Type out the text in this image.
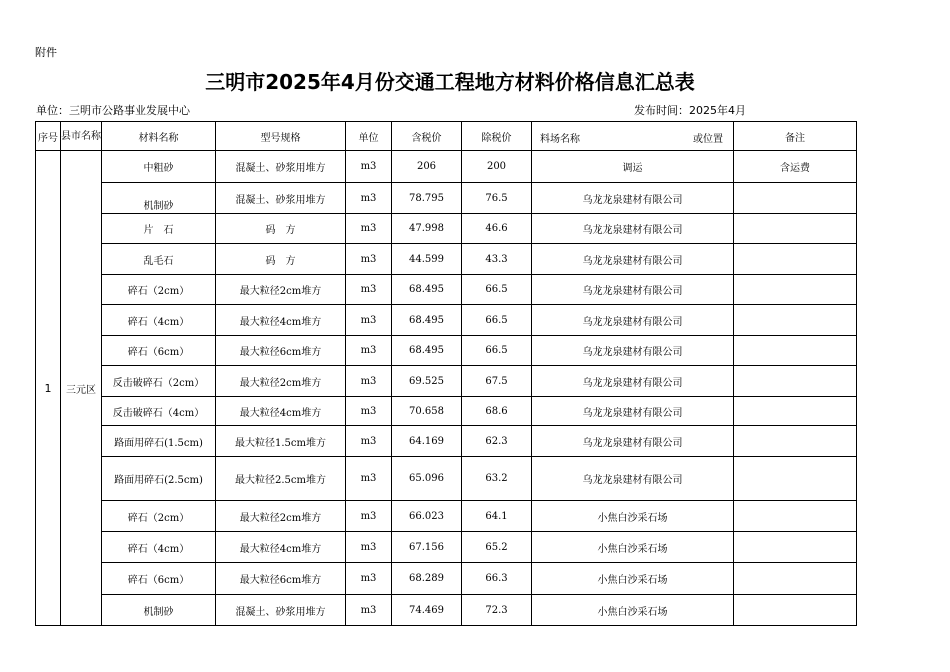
附件
三明市2025年4月份交通工程地方材料价格信息汇总表
单位：三明市公路事业发展中心	发布时间：2025年4月
序号	县市名称	材料名称	型号规格	单位	含税价	除税价	料场名称 或位置	备注
1	三元区	中粗砂	混凝土、砂浆用堆方	m3	206	200	调运	含运费

		机制砂	混凝土、砂浆用堆方	m3	78.795	76.5	乌龙龙泉建材有限公司	
		片　石	码　方	m3	47.998	46.6	乌龙龙泉建材有限公司	
		乱毛石	码　方	m3	44.599	43.3	乌龙龙泉建材有限公司	
		碎石（2cm）	最大粒径2cm堆方	m3	68.495	66.5	乌龙龙泉建材有限公司	
		碎石（4cm）	最大粒径4cm堆方	m3	68.495	66.5	乌龙龙泉建材有限公司	
		碎石（6cm）	最大粒径6cm堆方	m3	68.495	66.5	乌龙龙泉建材有限公司	
		反击破碎石（2cm）	最大粒径2cm堆方	m3	69.525	67.5	乌龙龙泉建材有限公司	
		反击破碎石（4cm）	最大粒径4cm堆方	m3	70.658	68.6	乌龙龙泉建材有限公司	
		路面用碎石(1.5cm)	最大粒径1.5cm堆方	m3	64.169	62.3	乌龙龙泉建材有限公司	
		路面用碎石(2.5cm)	最大粒径2.5cm堆方	m3	65.096	63.2	乌龙龙泉建材有限公司	
		碎石（2cm）	最大粒径2cm堆方	m3	66.023	64.1	小焦白沙采石场	
		碎石（4cm）	最大粒径4cm堆方	m3	67.156	65.2	小焦白沙采石场	
		碎石（6cm）	最大粒径6cm堆方	m3	68.289	66.3	小焦白沙采石场	
		机制砂	混凝土、砂浆用堆方	m3	74.469	72.3	小焦白沙采石场	
